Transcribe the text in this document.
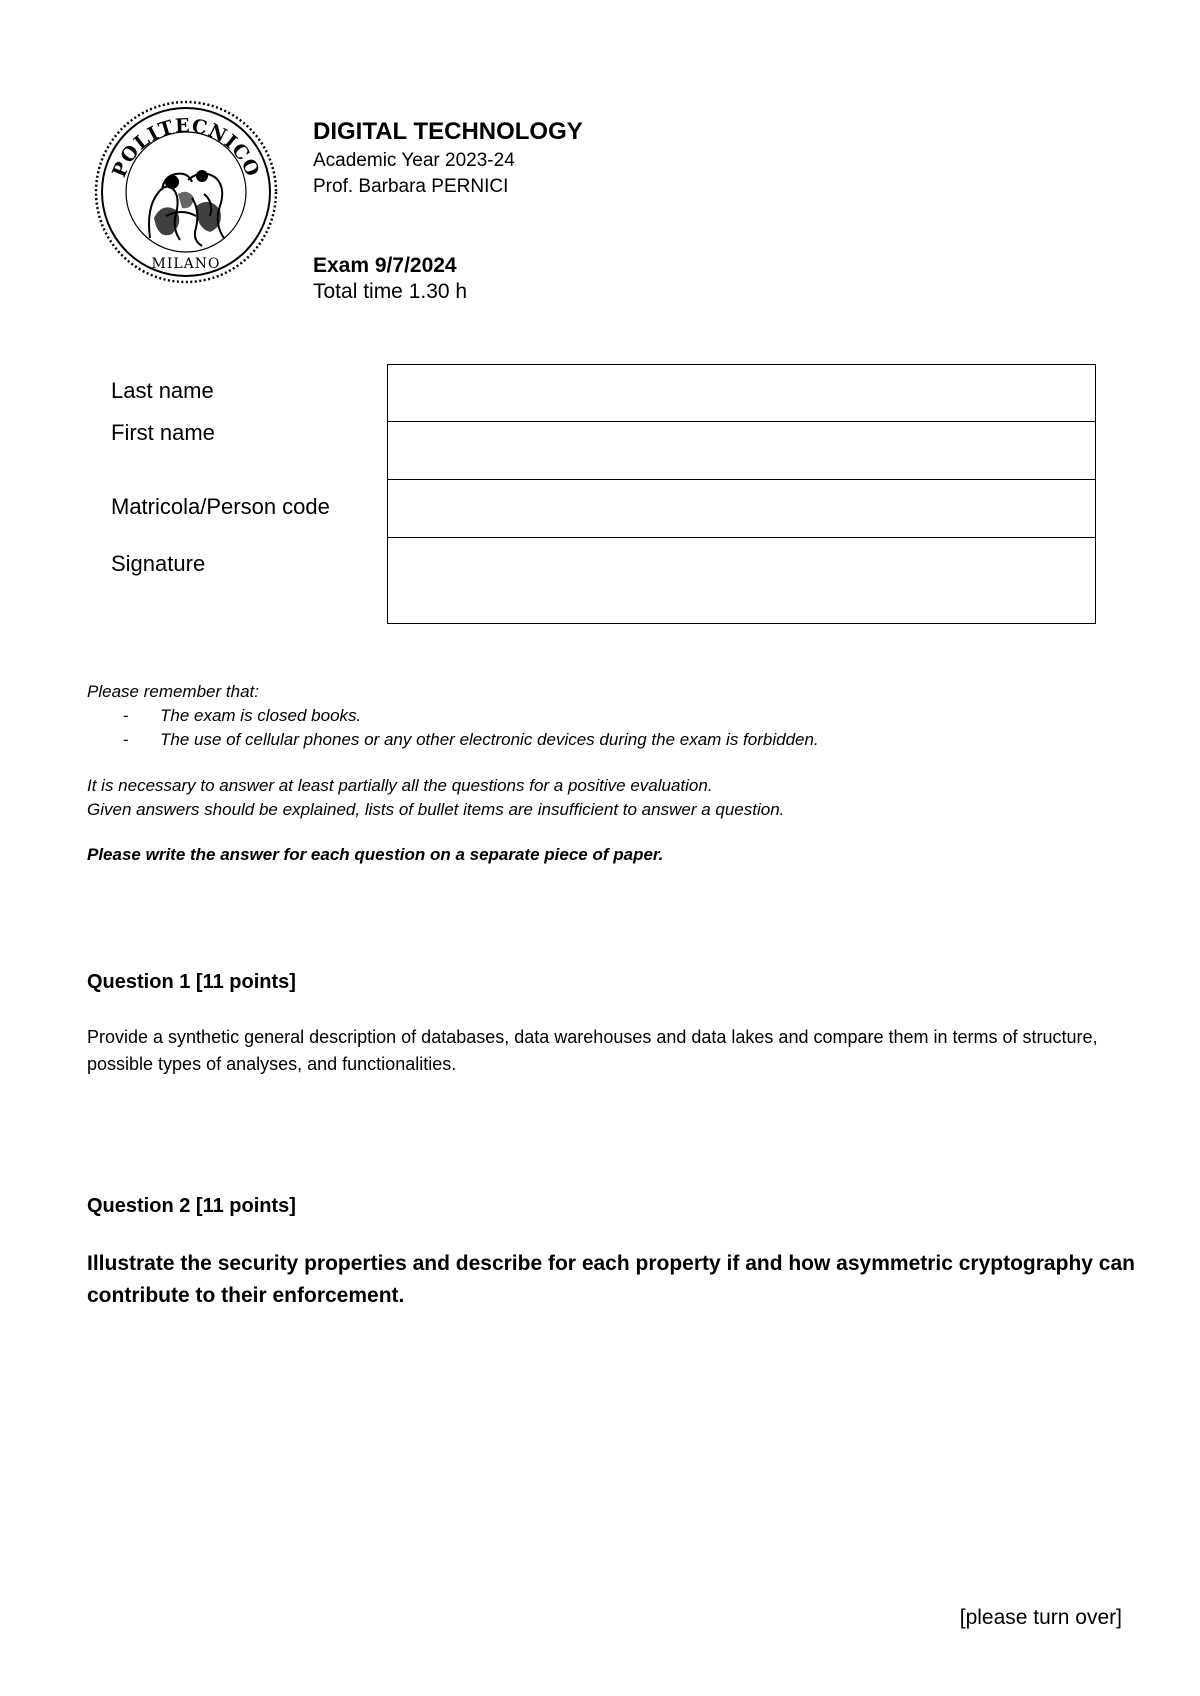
POLITECNICO
MILANO
DIGITAL TECHNOLOGY
Academic Year 2023-24
Prof. Barbara PERNICI
Exam 9/7/2024
Total time 1.30 h
Last name
First name
Matricola/Person code
Signature
Please remember that:
- The exam is closed books.
- The use of cellular phones or any other electronic devices during the exam is forbidden.
It is necessary to answer at least partially all the questions for a positive evaluation.
Given answers should be explained, lists of bullet items are insufficient to answer a question.
Please write the answer for each question on a separate piece of paper.
Question 1 [11 points]
Provide a synthetic general description of databases, data warehouses and data lakes and compare them in terms of structure, possible types of analyses, and functionalities.
Question 2 [11 points]
Illustrate the security properties and describe for each property if and how asymmetric cryptography can contribute to their enforcement.
[please turn over]
